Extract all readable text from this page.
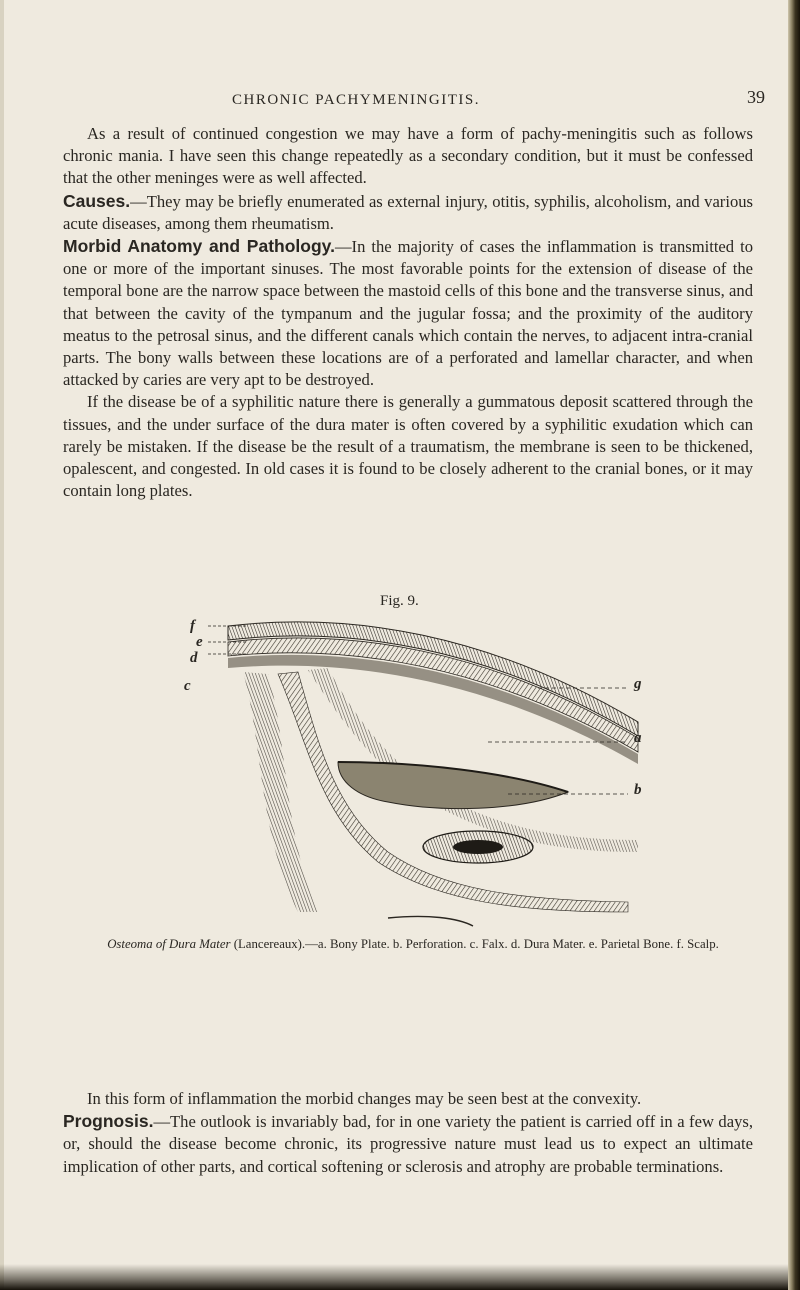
CHRONIC PACHYMENINGITIS.	39

As a result of continued congestion we may have a form of pachy-meningitis such as follows chronic mania. I have seen this change repeatedly as a secondary condition, but it must be confessed that the other meninges were as well affected.

Causes.—They may be briefly enumerated as external injury, otitis, syphilis, alcoholism, and various acute diseases, among them rheumatism.

Morbid Anatomy and Pathology.—In the majority of cases the inflammation is transmitted to one or more of the important sinuses. The most favorable points for the extension of disease of the temporal bone are the narrow space between the mastoid cells of this bone and the transverse sinus, and that between the cavity of the tympanum and the jugular fossa; and the proximity of the auditory meatus to the petrosal sinus, and the different canals which contain the nerves, to adjacent intra-cranial parts. The bony walls between these locations are of a perforated and lamellar character, and when attacked by caries are very apt to be destroyed.

If the disease be of a syphilitic nature there is generally a gummatous deposit scattered through the tissues, and the under surface of the dura mater is often covered by a syphilitic exudation which can rarely be mistaken. If the disease be the result of a traumatism, the membrane is seen to be thickened, opalescent, and congested. In old cases it is found to be closely adherent to the cranial bones, or it may contain long plates.

Fig. 9.
f
e
d
c	g
a
b
Osteoma of Dura Mater (Lancereaux).—a. Bony Plate. b. Perforation. c. Falx. d. Dura Mater. e. Parietal Bone. f. Scalp.

In this form of inflammation the morbid changes may be seen best at the convexity.

Prognosis.—The outlook is invariably bad, for in one variety the patient is carried off in a few days, or, should the disease become chronic, its progressive nature must lead us to expect an ultimate implication of other parts, and cortical softening or sclerosis and atrophy are probable terminations.
